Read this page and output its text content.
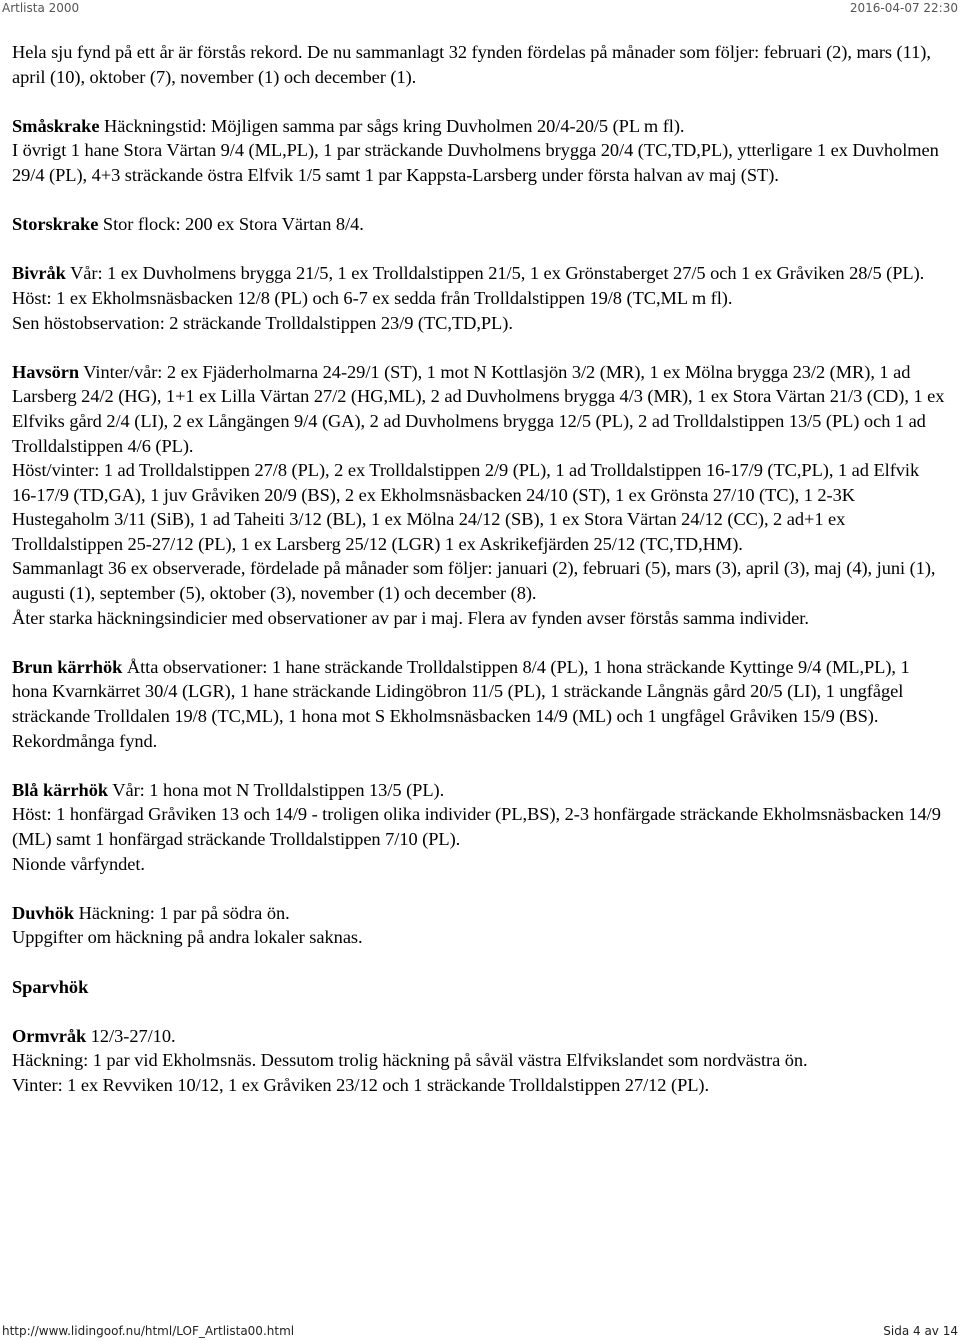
Artlista 2000	2016-04-07 22:30

Hela sju fynd på ett år är förstås rekord. De nu sammanlagt 32 fynden fördelas på månader som följer: februari (2), mars (11), april (10), oktober (7), november (1) och december (1).

Småskrake Häckningstid: Möjligen samma par sågs kring Duvholmen 20/4-20/5 (PL m fl).
I övrigt 1 hane Stora Värtan 9/4 (ML,PL), 1 par sträckande Duvholmens brygga 20/4 (TC,TD,PL), ytterligare 1 ex Duvholmen 29/4 (PL), 4+3 sträckande östra Elfvik 1/5 samt 1 par Kappsta-Larsberg under första halvan av maj (ST).

Storskrake Stor flock: 200 ex Stora Värtan 8/4.

Bivråk Vår: 1 ex Duvholmens brygga 21/5, 1 ex Trolldalstippen 21/5, 1 ex Grönstaberget 27/5 och 1 ex Gråviken 28/5 (PL).
Höst: 1 ex Ekholmsnäsbacken 12/8 (PL) och 6-7 ex sedda från Trolldalstippen 19/8 (TC,ML m fl).
Sen höstobservation: 2 sträckande Trolldalstippen 23/9 (TC,TD,PL).

Havsörn Vinter/vår: 2 ex Fjäderholmarna 24-29/1 (ST), 1 mot N Kottlasjön 3/2 (MR), 1 ex Mölna brygga 23/2 (MR), 1 ad Larsberg 24/2 (HG), 1+1 ex Lilla Värtan 27/2 (HG,ML), 2 ad Duvholmens brygga 4/3 (MR), 1 ex Stora Värtan 21/3 (CD), 1 ex Elfviks gård 2/4 (LI), 2 ex Långängen 9/4 (GA), 2 ad Duvholmens brygga 12/5 (PL), 2 ad Trolldalstippen 13/5 (PL) och 1 ad Trolldalstippen 4/6 (PL).
Höst/vinter: 1 ad Trolldalstippen 27/8 (PL), 2 ex Trolldalstippen 2/9 (PL), 1 ad Trolldalstippen 16-17/9 (TC,PL), 1 ad Elfvik 16-17/9 (TD,GA), 1 juv Gråviken 20/9 (BS), 2 ex Ekholmsnäsbacken 24/10 (ST), 1 ex Grönsta 27/10 (TC), 1 2-3K Hustegaholm 3/11 (SiB), 1 ad Taheiti 3/12 (BL), 1 ex Mölna 24/12 (SB), 1 ex Stora Värtan 24/12 (CC), 2 ad+1 ex Trolldalstippen 25-27/12 (PL), 1 ex Larsberg 25/12 (LGR) 1 ex Askrikefjärden 25/12 (TC,TD,HM).
Sammanlagt 36 ex observerade, fördelade på månader som följer: januari (2), februari (5), mars (3), april (3), maj (4), juni (1), augusti (1), september (5), oktober (3), november (1) och december (8).
Åter starka häckningsindicier med observationer av par i maj. Flera av fynden avser förstås samma individer.

Brun kärrhök Åtta observationer: 1 hane sträckande Trolldalstippen 8/4 (PL), 1 hona sträckande Kyttinge 9/4 (ML,PL), 1 hona Kvarnkärret 30/4 (LGR), 1 hane sträckande Lidingöbron 11/5 (PL), 1 sträckande Långnäs gård 20/5 (LI), 1 ungfågel sträckande Trolldalen 19/8 (TC,ML), 1 hona mot S Ekholmsnäsbacken 14/9 (ML) och 1 ungfågel Gråviken 15/9 (BS).
Rekordmånga fynd.

Blå kärrhök Vår: 1 hona mot N Trolldalstippen 13/5 (PL).
Höst: 1 honfärgad Gråviken 13 och 14/9 - troligen olika individer (PL,BS), 2-3 honfärgade sträckande Ekholmsnäsbacken 14/9 (ML) samt 1 honfärgad sträckande Trolldalstippen 7/10 (PL).
Nionde vårfyndet.

Duvhök Häckning: 1 par på södra ön.
Uppgifter om häckning på andra lokaler saknas.

Sparvhök

Ormvråk 12/3-27/10.
Häckning: 1 par vid Ekholmsnäs. Dessutom trolig häckning på såväl västra Elfvikslandet som nordvästra ön.
Vinter: 1 ex Revviken 10/12, 1 ex Gråviken 23/12 och 1 sträckande Trolldalstippen 27/12 (PL).

http://www.lidingoof.nu/html/LOF_Artlista00.html	Sida 4 av 14
